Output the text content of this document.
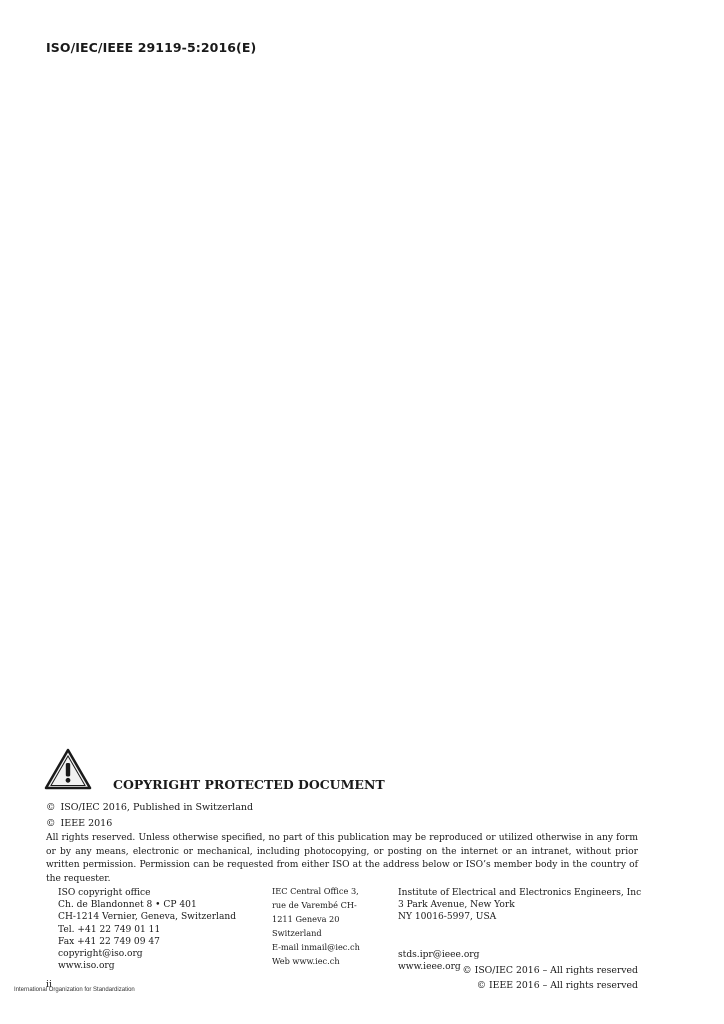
ISO/IEC/IEEE 29119-5:2016(E)
COPYRIGHT PROTECTED DOCUMENT
© ISO/IEC 2016, Published in Switzerland
© IEEE 2016
All rights reserved. Unless otherwise specified, no part of this publication may be reproduced or utilized otherwise in any form or by any means, electronic or mechanical, including photocopying, or posting on the internet or an intranet, without prior written permission. Permission can be requested from either ISO at the address below or ISO’s member body in the country of the requester.
ISO copyright office
Ch. de Blandonnet 8 • CP 401
CH-1214 Vernier, Geneva, Switzerland
Tel. +41 22 749 01 11
Fax +41 22 749 09 47
copyright@iso.org
www.iso.org
IEC Central Office 3,
rue de Varembé CH-
1211 Geneva 20
Switzerland
E-mail inmail@iec.ch
Web www.iec.ch
Institute of Electrical and Electronics Engineers, Inc
3 Park Avenue, New York
NY 10016-5997, USA
stds.ipr@ieee.org
www.ieee.org
ii
International Organization for Standardization
© ISO/IEC 2016 – All rights reserved
© IEEE 2016 – All rights reserved
